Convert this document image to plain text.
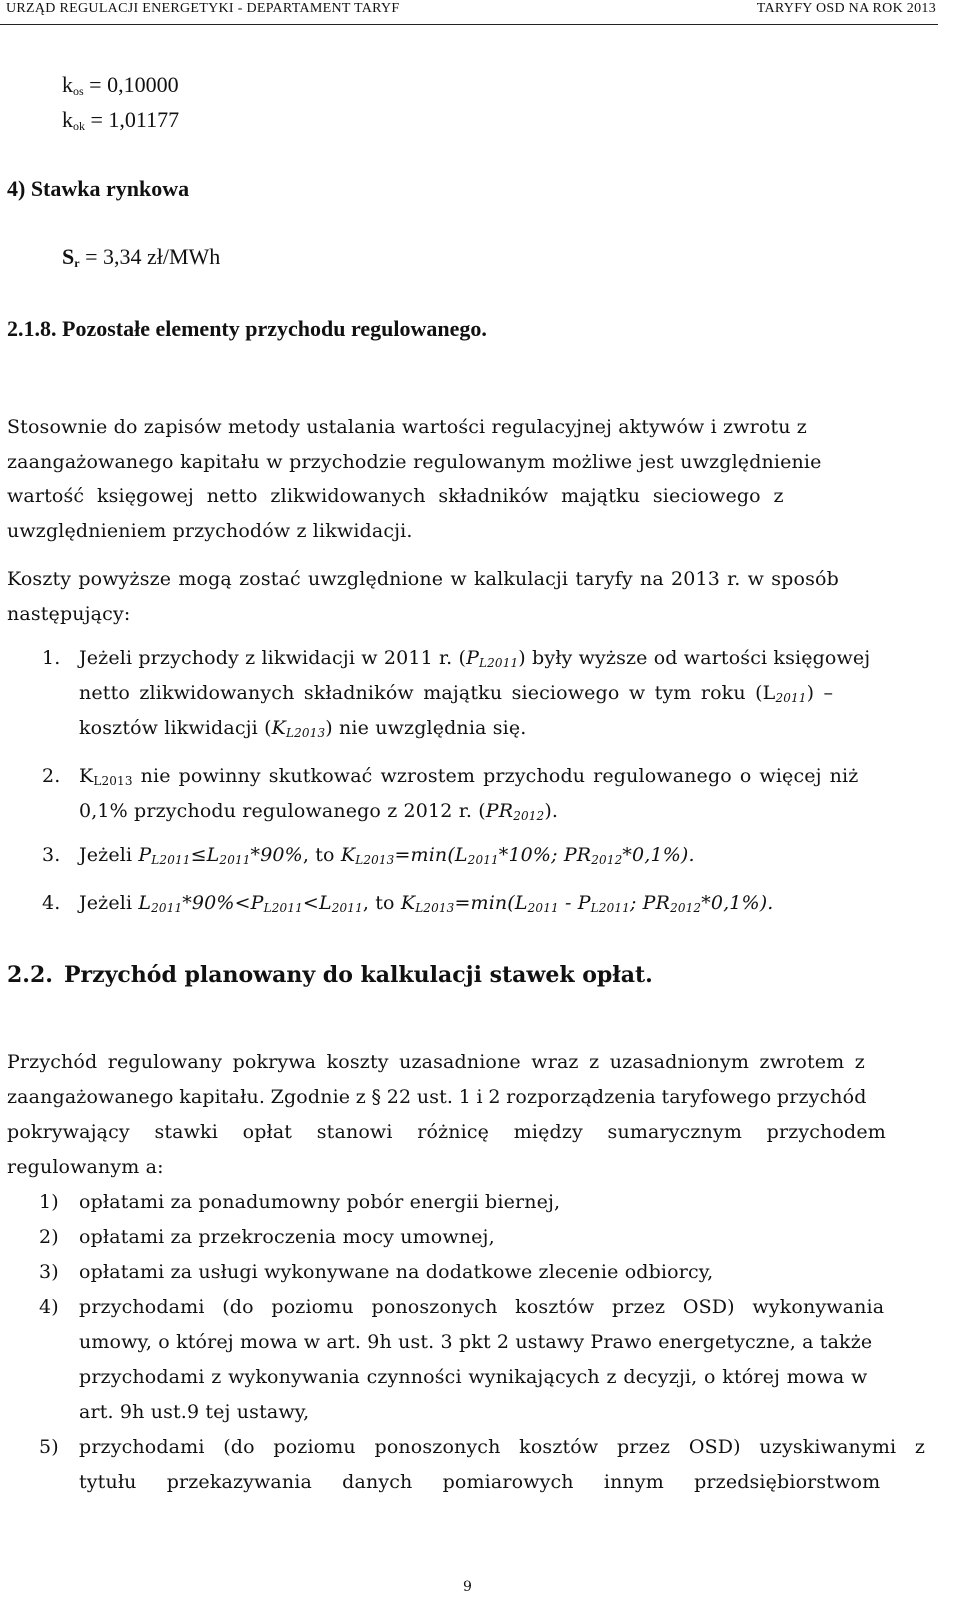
URZĄD REGULACJI ENERGETYKI - DEPARTAMENT TARYF	TARYFY OSD NA ROK 2013
$k_{os} = 0,10000$
$k_{ok} = 1,01177$
4) Stawka rynkowa
$S_r = 3,34$ zł/MWh
2.1.8. Pozostałe elementy przychodu regulowanego.
Stosownie do zapisów metody ustalania wartości regulacyjnej aktywów i zwrotu z
zaangażowanego kapitału w przychodzie regulowanym możliwe jest uwzględnienie
wartość księgowej netto zlikwidowanych składników majątku sieciowego z
uwzględnieniem przychodów z likwidacji.
Koszty powyższe mogą zostać uwzględnione w kalkulacji taryfy na 2013 r. w sposób
następujący:
1. Jeżeli przychody z likwidacji w 2011 r. $(P_{L2011})$ były wyższe od wartości księgowej
netto zlikwidowanych składników majątku sieciowego w tym roku $(L_{2011})$ –
kosztów likwidacji $(K_{L2013})$ nie uwzględnia się.
2. $K_{L2013}$ nie powinny skutkować wzrostem przychodu regulowanego o więcej niż
0,1% przychodu regulowanego z 2012 r. $(PR_{2012})$.
3. Jeżeli $P_{L2011}\le L_{2011}*90\%$, to $K_{L2013}=\min(L_{2011}*10\%$; $PR_{2012}*0,1\%$).
4. Jeżeli $L_{2011}*90\%<P_{L2011}<L_{2011}$, to $K_{L2013}=\min(L_{2011} - P_{L2011}$; $PR_{2012}*0,1\%$).
2.2. Przychód planowany do kalkulacji stawek opłat.
Przychód regulowany pokrywa koszty uzasadnione wraz z uzasadnionym zwrotem z
zaangażowanego kapitału. Zgodnie z § 22 ust. 1 i 2 rozporządzenia taryfowego przychód
pokrywający stawki opłat stanowi różnicę między sumarycznym przychodem
regulowanym a:
1) opłatami za ponadumowny pobór energii biernej,
2) opłatami za przekroczenia mocy umownej,
3) opłatami za usługi wykonywane na dodatkowe zlecenie odbiorcy,
4) przychodami (do poziomu ponoszonych kosztów przez OSD) wykonywania
umowy, o której mowa w art. 9h ust. 3 pkt 2 ustawy Prawo energetyczne, a także
przychodami z wykonywania czynności wynikających z decyzji, o której mowa w
art. 9h ust.9 tej ustawy,
5) przychodami (do poziomu ponoszonych kosztów przez OSD) uzyskiwanymi z
tytułu przekazywania danych pomiarowych innym przedsiębiorstwom
9
